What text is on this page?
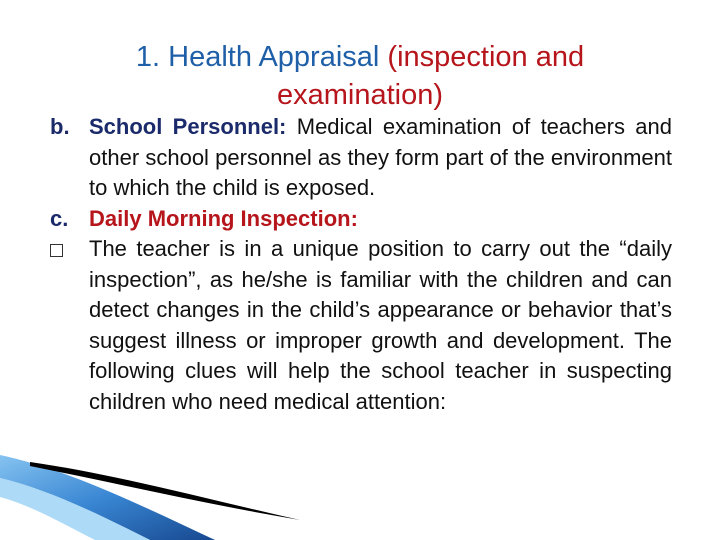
1. Health Appraisal (inspection and examination)
b. School Personnel: Medical examination of teachers and other school personnel as they form part of the environment to which the child is exposed.
c. Daily Morning Inspection:
The teacher is in a unique position to carry out the “daily inspection”, as he/she is familiar with the children and can detect changes in the child’s appearance or behavior that’s suggest illness or improper growth and development. The following clues will help the school teacher in suspecting children who need medical attention:
